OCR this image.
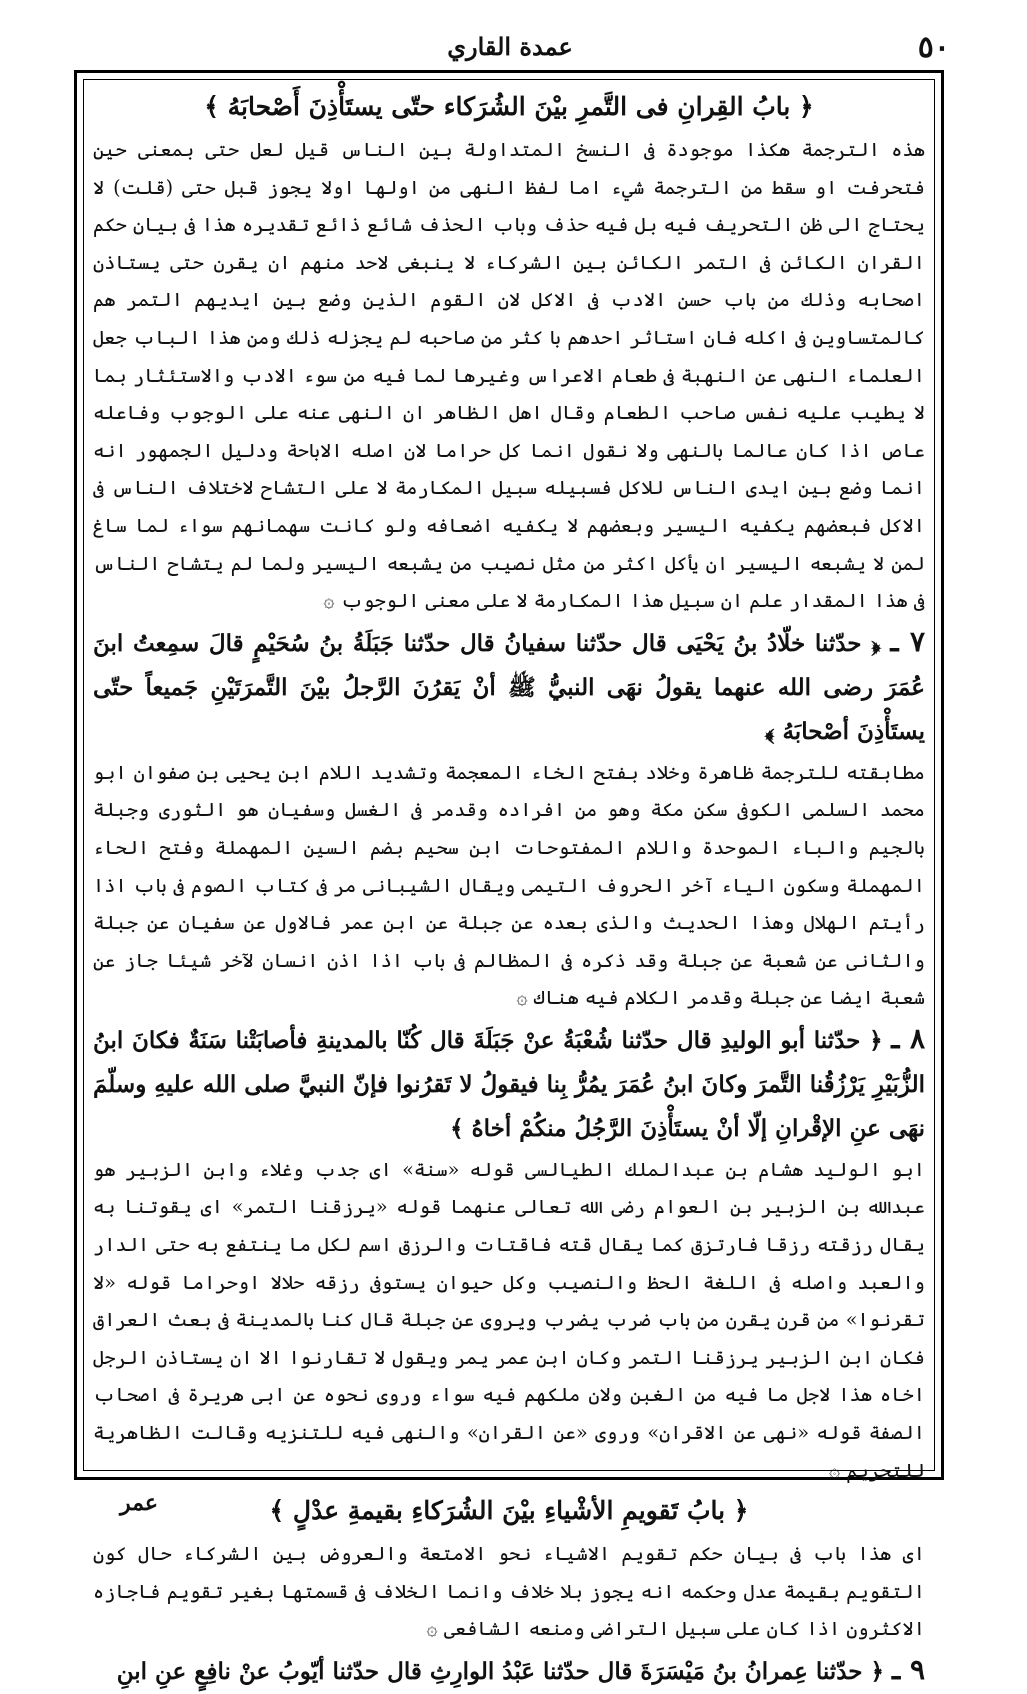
٥٠
عمدة القاري

﴿ بابُ القِرانِ فى التَّمرِ بيْنَ الشُرَكاء حتّى يستَأْذِنَ أَصْحابَهُ ﴾

هذه الترجمة هكذا موجودة فى النسخ المتداولة بين الناس قيل لعل حتى بمعنى حين فتحرفت او سقط من الترجمة شيء اما لفظ النهى من اولها اولا يجوز قبل حتى (قلت) لا يحتاج الى ظن التحريف فيه بل فيه حذف وباب الحذف شائع ذائع تقديره هذا فى بيان حكم القران الكائن فى التمر الكائن بين الشركاء لا ينبغى لاحد منهم ان يقرن حتى يستاذن اصحابه وذلك من باب حسن الادب فى الاكل لان القوم الذين وضع بين ايديهم التمر هم كالمتساوين فى اكله فان استاثر احدهم با كثر من صاحبه لم يجزله ذلك ومن هذا الباب جعل العلماء النهى عن النهبة فى طعام الاعراس وغيرها لما فيه من سوء الادب والاستئثار بما لا يطيب عليه نفس صاحب الطعام وقال اهل الظاهر ان النهى عنه على الوجوب وفاعله عاص اذا كان عالما بالنهى ولا نقول انما كل حراما لان اصله الاباحة ودليل الجمهور انه انما وضع بين ايدى الناس للاكل فسبيله سبيل المكارمة لا على التشاح لاختلاف الناس فى الاكل فبعضهم يكفيه اليسير وبعضهم لا يكفيه اضعافه ولو كانت سهمانهم سواء لما ساغ لمن لا يشبعه اليسير ان يأكل اكثر من مثل نصيب من يشبعه اليسير ولما لم يتشاح الناس فى هذا المقدار علم ان سبيل هذا المكارمة لا على معنى الوجوب ۞

٧ ـ ﴿ حدّثنا خلّادُ بنُ يَحْيَى قال حدّثنا سفيانُ قال حدّثنا جَبَلَةُ بنُ سُحَيْمٍ قالَ سمِعتُ ابنَ عُمَرَ رضى الله عنهما يقولُ نهَى النبيُّ ﷺ أنْ يَقرُنَ الرَّجلُ بيْنَ التَّمرَتَيْنِ جَميعاً حتّى يستَأْذِنَ أصْحابَهُ ﴾

مطابقته للترجمة ظاهرة وخلاد بفتح الخاء المعجمة وتشديد اللام ابن يحيى بن صفوان ابو محمد السلمى الكوفى سكن مكة وهو من افراده وقدمر فى الغسل وسفيان هو الثورى وجبلة بالجيم والباء الموحدة واللام المفتوحات ابن سحيم بضم السين المهملة وفتح الحاء المهملة وسكون الياء آخر الحروف التيمى ويقال الشيبانى مر فى كتاب الصوم فى باب اذا رأيتم الهلال وهذا الحديث والذى بعده عن جبلة عن ابن عمر فالاول عن سفيان عن جبلة والثانى عن شعبة عن جبلة وقد ذكره فى المظالم فى باب اذا اذن انسان لآخر شيئا جاز عن شعبة ايضا عن جبلة وقدمر الكلام فيه هناك ۞

٨ ـ ﴿ حدّثنا أبو الوليدِ قال حدّثنا شُعْبَةُ عنْ جَبَلَةَ قال كُنّا بالمدينةِ فأصابَتْنا سَنَةٌ فكانَ ابنُ الزُّبَيْرِ يَرْزُقُنا التَّمرَ وكانَ ابنُ عُمَرَ يمُرُّ بِنا فيقولُ لا تَقرُنوا فإنّ النبيَّ صلى الله عليهِ وسلّمَ نهَى عنِ الإقْرانِ إلّا أنْ يستَأْذِنَ الرَّجُلُ منكُمْ أخاهُ ﴾

ابو الوليد هشام بن عبدالملك الطيالسى قوله «سنة» اى جدب وغلاء وابن الزبير هو عبدالله بن الزبير بن العوام رضى الله تعالى عنهما قوله «يرزقنا التمر» اى يقوتنا به يقال رزقته رزقا فارتزق كما يقال قته فاقتات والرزق اسم لكل ما ينتفع به حتى الدار والعبد واصله فى اللغة الحظ والنصيب وكل حيوان يستوفى رزقه حلالا اوحراما قوله «لا تقرنوا» من قرن يقرن من باب ضرب يضرب ويروى عن جبلة قال كنا بالمدينة فى بعث العراق فكان ابن الزبير يرزقنا التمر وكان ابن عمر يمر ويقول لا تقارنوا الا ان يستاذن الرجل اخاه هذا لاجل ما فيه من الغبن ولان ملكهم فيه سواء وروى نحوه عن ابى هريرة فى اصحاب الصفة قوله «نهى عن الاقران» وروى «عن القران» والنهى فيه للتنزيه وقالت الظاهرية للتحريم ۞

﴿ بابُ تَقويمِ الأشْياءِ بيْنَ الشُرَكاءِ بقيمةِ عدْلٍ ﴾

اى هذا باب فى بيان حكم تقويم الاشياء نحو الامتعة والعروض بين الشركاء حال كون التقويم بقيمة عدل وحكمه انه يجوز بلا خلاف وانما الخلاف فى قسمتها بغير تقويم فاجازه الاكثرون اذا كان على سبيل التراضى ومنعه الشافعى ۞

٩ ـ ﴿ حدّثنا عِمرانُ بنُ مَيْسَرَةَ قال حدّثنا عَبْدُ الوارِثِ قال حدّثنا أيّوبُ عنْ نافِعٍ عنِ ابنِ

عمر
